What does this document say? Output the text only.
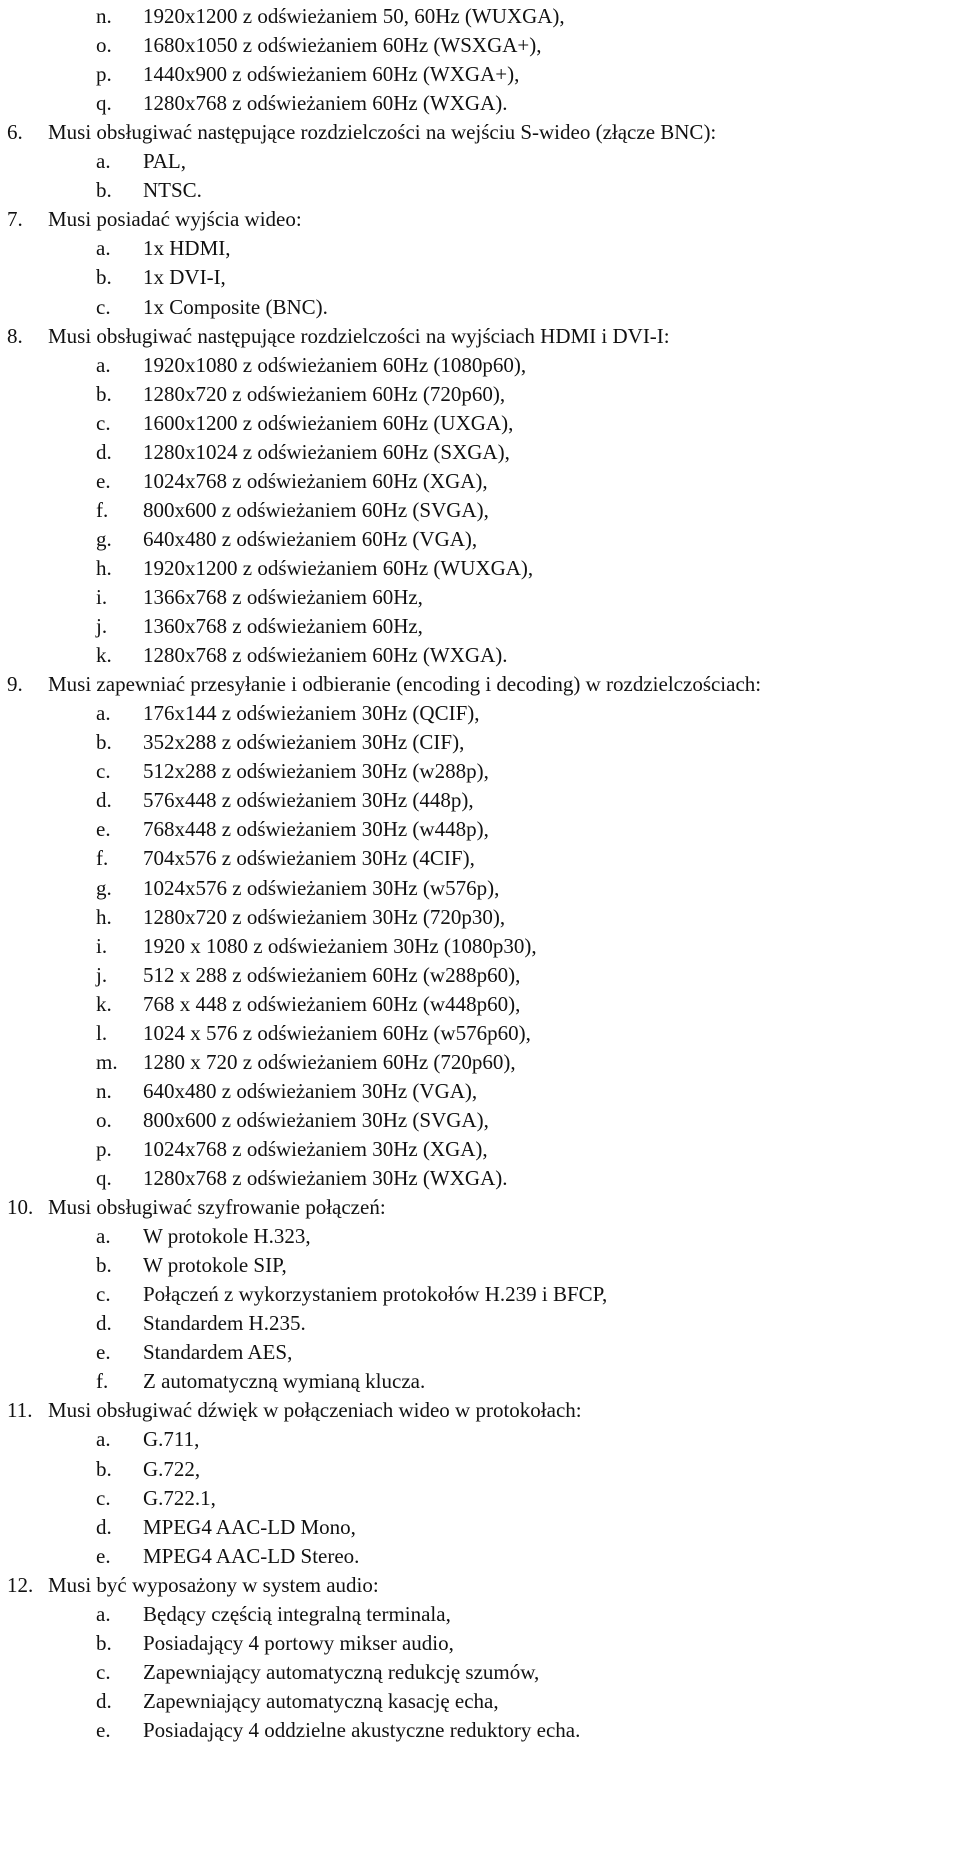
n. 1920x1200 z odświeżaniem 50, 60Hz (WUXGA),
o. 1680x1050 z odświeżaniem 60Hz (WSXGA+),
p. 1440x900 z odświeżaniem 60Hz (WXGA+),
q. 1280x768 z odświeżaniem 60Hz (WXGA).
6. Musi obsługiwać następujące rozdzielczości na wejściu S-wideo (złącze BNC):
a. PAL,
b. NTSC.
7. Musi posiadać wyjścia wideo:
a. 1x HDMI,
b. 1x DVI-I,
c. 1x Composite (BNC).
8. Musi obsługiwać następujące rozdzielczości na wyjściach HDMI i DVI-I:
a. 1920x1080 z odświeżaniem 60Hz (1080p60),
b. 1280x720 z odświeżaniem 60Hz (720p60),
c. 1600x1200 z odświeżaniem 60Hz (UXGA),
d. 1280x1024 z odświeżaniem 60Hz (SXGA),
e. 1024x768 z odświeżaniem 60Hz (XGA),
f. 800x600 z odświeżaniem 60Hz (SVGA),
g. 640x480 z odświeżaniem 60Hz (VGA),
h. 1920x1200 z odświeżaniem 60Hz (WUXGA),
i. 1366x768 z odświeżaniem 60Hz,
j. 1360x768 z odświeżaniem 60Hz,
k. 1280x768 z odświeżaniem 60Hz (WXGA).
9. Musi zapewniać przesyłanie i odbieranie (encoding i decoding) w rozdzielczościach:
a. 176x144 z odświeżaniem 30Hz (QCIF),
b. 352x288 z odświeżaniem 30Hz (CIF),
c. 512x288 z odświeżaniem 30Hz (w288p),
d. 576x448 z odświeżaniem 30Hz (448p),
e. 768x448 z odświeżaniem 30Hz (w448p),
f. 704x576 z odświeżaniem 30Hz (4CIF),
g. 1024x576 z odświeżaniem 30Hz (w576p),
h. 1280x720 z odświeżaniem 30Hz (720p30),
i. 1920 x 1080 z odświeżaniem 30Hz (1080p30),
j. 512 x 288 z odświeżaniem 60Hz (w288p60),
k. 768 x 448 z odświeżaniem 60Hz (w448p60),
l. 1024 x 576 z odświeżaniem 60Hz (w576p60),
m. 1280 x 720 z odświeżaniem 60Hz (720p60),
n. 640x480 z odświeżaniem 30Hz (VGA),
o. 800x600 z odświeżaniem 30Hz (SVGA),
p. 1024x768 z odświeżaniem 30Hz (XGA),
q. 1280x768 z odświeżaniem 30Hz (WXGA).
10. Musi obsługiwać szyfrowanie połączeń:
a. W protokole H.323,
b. W protokole SIP,
c. Połączeń z wykorzystaniem protokołów H.239 i BFCP,
d. Standardem H.235.
e. Standardem AES,
f. Z automatyczną wymianą klucza.
11. Musi obsługiwać dźwięk w połączeniach wideo w protokołach:
a. G.711,
b. G.722,
c. G.722.1,
d. MPEG4 AAC-LD Mono,
e. MPEG4 AAC-LD Stereo.
12. Musi być wyposażony w system audio:
a. Będący częścią integralną terminala,
b. Posiadający 4 portowy mikser audio,
c. Zapewniający automatyczną redukcję szumów,
d. Zapewniający automatyczną kasację echa,
e. Posiadający 4 oddzielne akustyczne reduktory echa.
